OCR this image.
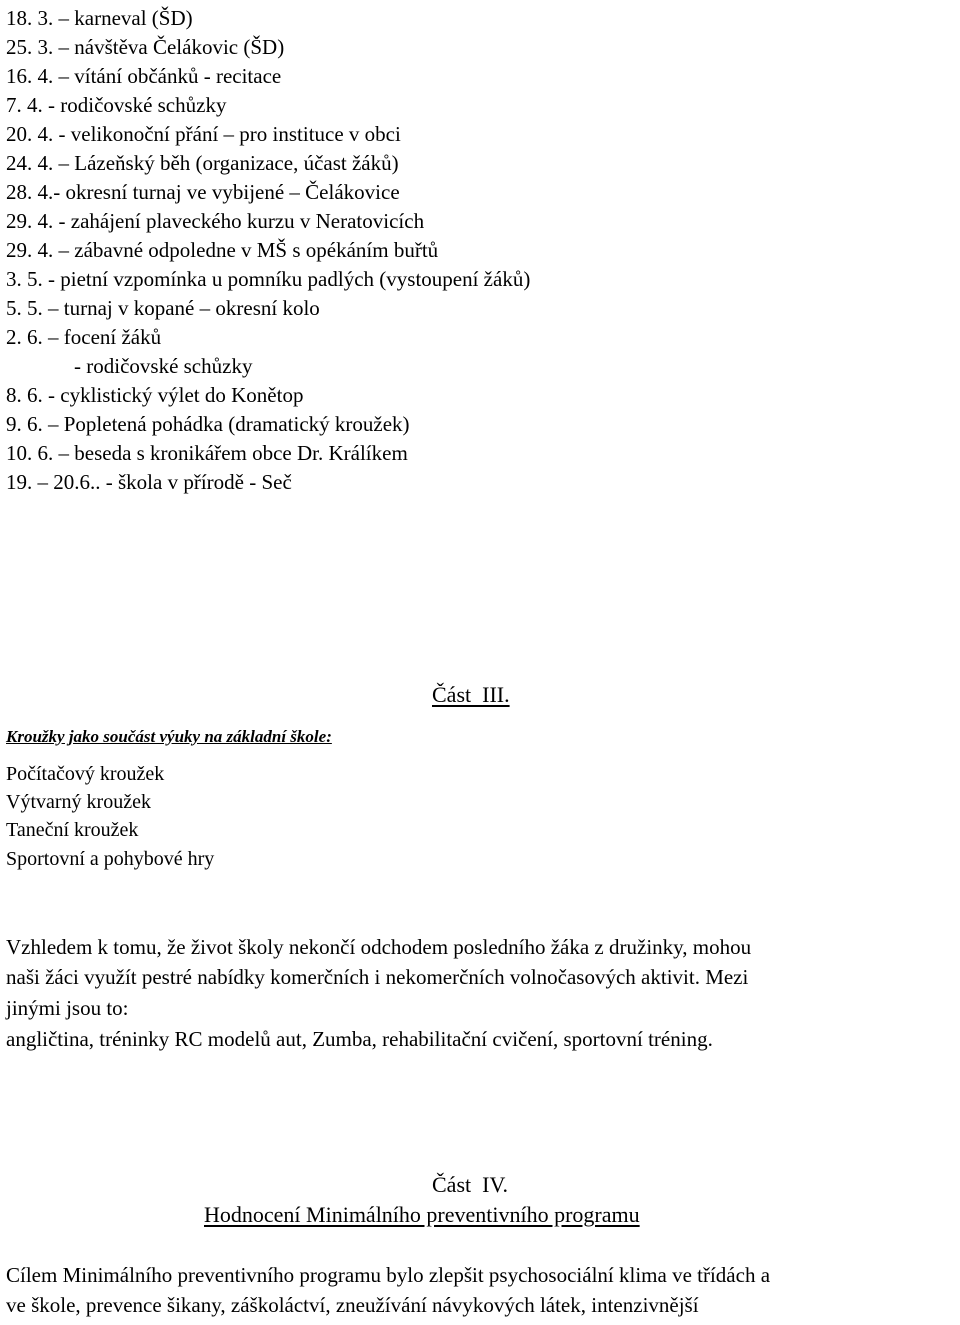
18. 3. – karneval (ŠD)
25. 3. – návštěva Čelákovic (ŠD)
16. 4. – vítání občánků - recitace
7. 4. - rodičovské schůzky
20. 4. - velikonoční přání – pro instituce v obci
24. 4. – Lázeňský běh (organizace, účast žáků)
28. 4.- okresní turnaj ve vybijené – Čelákovice
29. 4. - zahájení plaveckého kurzu v Neratovicích
29. 4. – zábavné odpoledne v MŠ s opékáním buřtů
3. 5. - pietní vzpomínka u pomníku padlých (vystoupení žáků)
5. 5. – turnaj v kopané – okresní kolo
2. 6. – focení žáků
- rodičovské schůzky
8. 6. - cyklistický výlet do Konětop
9. 6. – Popletená pohádka (dramatický kroužek)
10. 6. – beseda s kronikářem obce Dr. Králíkem
19. – 20.6.. - škola v přírodě - Seč
Část  III.
Kroužky jako součást výuky na základní škole:
Počítačový kroužek
Výtvarný kroužek
Taneční kroužek
Sportovní a pohybové hry
Vzhledem k tomu, že život školy nekončí odchodem posledního žáka z družinky, mohou
naši žáci využít pestré nabídky komerčních i nekomerčních volnočasových aktivit. Mezi
jinými jsou to:
angličtina, tréninky RC modelů aut, Zumba, rehabilitační cvičení, sportovní tréning.
Část  IV.
Hodnocení Minimálního preventivního programu
Cílem Minimálního preventivního programu bylo zlepšit psychosociální klima ve třídách a
ve škole, prevence šikany, záškoláctví, zneužívání návykových látek, intenzivnější
